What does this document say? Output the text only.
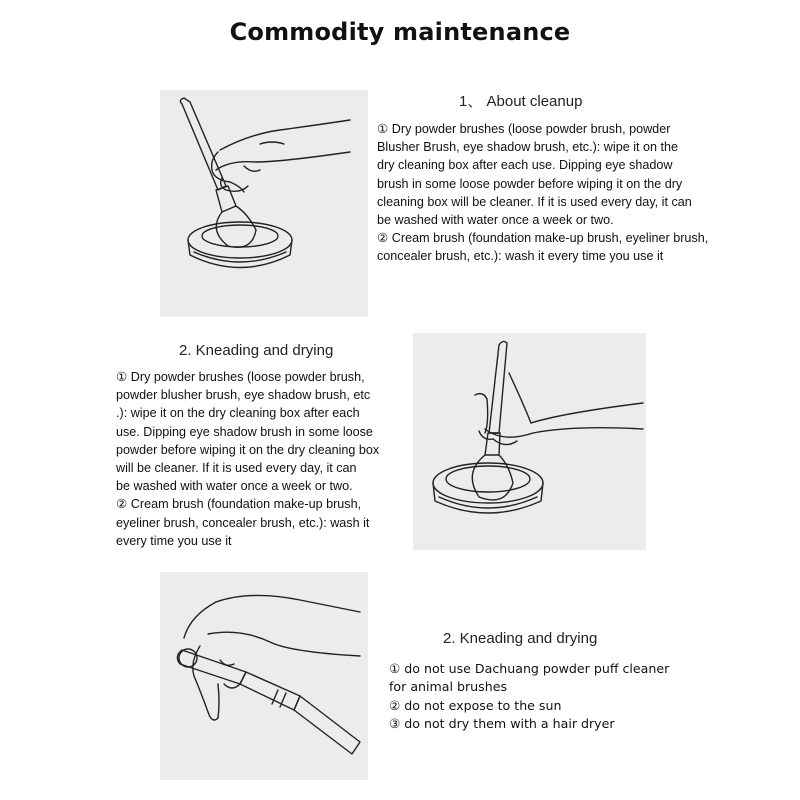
Commodity maintenance
1、 About cleanup
① Dry powder brushes (loose powder brush, powder
Blusher Brush, eye shadow brush, etc.): wipe it on the
dry cleaning box after each use. Dipping eye shadow
brush in some loose powder before wiping it on the dry
cleaning box will be cleaner. If it is used every day, it can
be washed with water once a week or two.
② Cream brush (foundation make-up brush, eyeliner brush,
concealer brush, etc.): wash it every time you use it
2. Kneading and drying
① Dry powder brushes (loose powder brush,
powder blusher brush, eye shadow brush, etc
.): wipe it on the dry cleaning box after each
use. Dipping eye shadow brush in some loose
powder before wiping it on the dry cleaning box
will be cleaner. If it is used every day, it can
be washed with water once a week or two.
② Cream brush (foundation make-up brush,
eyeliner brush, concealer brush, etc.): wash it
every time you use it
2. Kneading and drying
① do not use Dachuang powder puff cleaner
for animal brushes
② do not expose to the sun
③ do not dry them with a hair dryer
